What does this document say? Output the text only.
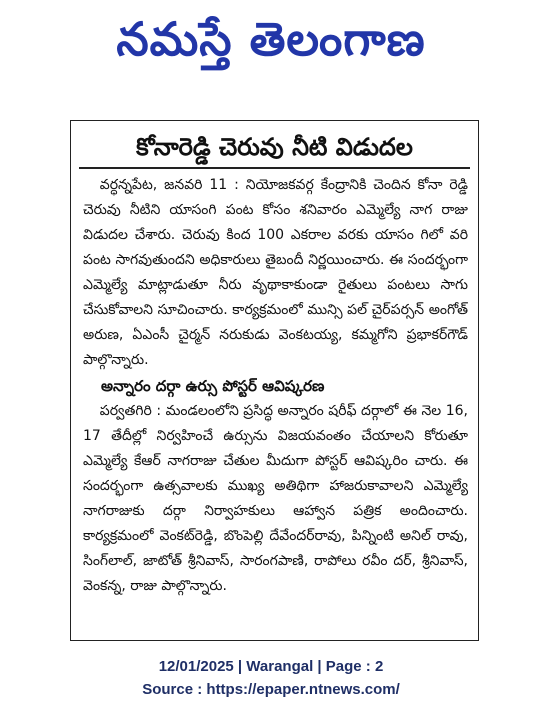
నమస్తే తెలంగాణ
కోనారెడ్డి చెరువు నీటి విడుదల

వర్ధన్నపేట, జనవరి 11 : నియోజకవర్గ కేంద్రానికి చెందిన కోనా రెడ్డి చెరువు నీటిని యాసంగి పంట కోసం శనివారం ఎమ్మెల్యే నాగ రాజు విడుదల చేశారు. చెరువు కింద 100 ఎకరాల వరకు యాసం గిలో వరి పంట సాగవుతుందని అధికారులు తైబందీ నిర్ణయించారు. ఈ సందర్భంగా ఎమ్మెల్యే మాట్లాడుతూ నీరు వృథాకాకుండా రైతులు పంటలు సాగు చేసుకోవాలని సూచించారు. కార్యక్రమంలో మున్సి పల్ చైర్‌పర్సన్ అంగోత్ అరుణ, ఏఎంసీ చైర్మన్ నరుకుడు వెంకటయ్య, కమ్మగోని ప్రభాకర్‌గౌడ్ పాల్గొన్నారు.

అన్నారం దర్గా ఉర్సు పోస్టర్ ఆవిష్కరణ

పర్వతగిరి : మండలంలోని ప్రసిద్ధ అన్నారం షరీఫ్ దర్గాలో ఈ నెల 16, 17 తేదీల్లో నిర్వహించే ఉర్సును విజయవంతం చేయాలని కోరుతూ ఎమ్మెల్యే కేఆర్ నాగరాజు చేతుల మీదుగా పోస్టర్ ఆవిష్కరిం చారు. ఈ సందర్భంగా ఉత్సవాలకు ముఖ్య అతిథిగా హాజరుకావాలని ఎమ్మెల్యే నాగరాజుకు దర్గా నిర్వాహకులు ఆహ్వాన పత్రిక అందించారు. కార్యక్రమంలో వెంకట్‌రెడ్డి, బొంపెల్లి దేవేందర్‌రావు, పిన్నింటి అనిల్ రావు, సింగ్‌లాల్, జాటోత్ శ్రీనివాస్, సారంగపాణి, రాపోలు రవీం దర్, శ్రీనివాస్, వెంకన్న, రాజు పాల్గొన్నారు.

12/01/2025 | Warangal | Page : 2
Source : https://epaper.ntnews.com/
